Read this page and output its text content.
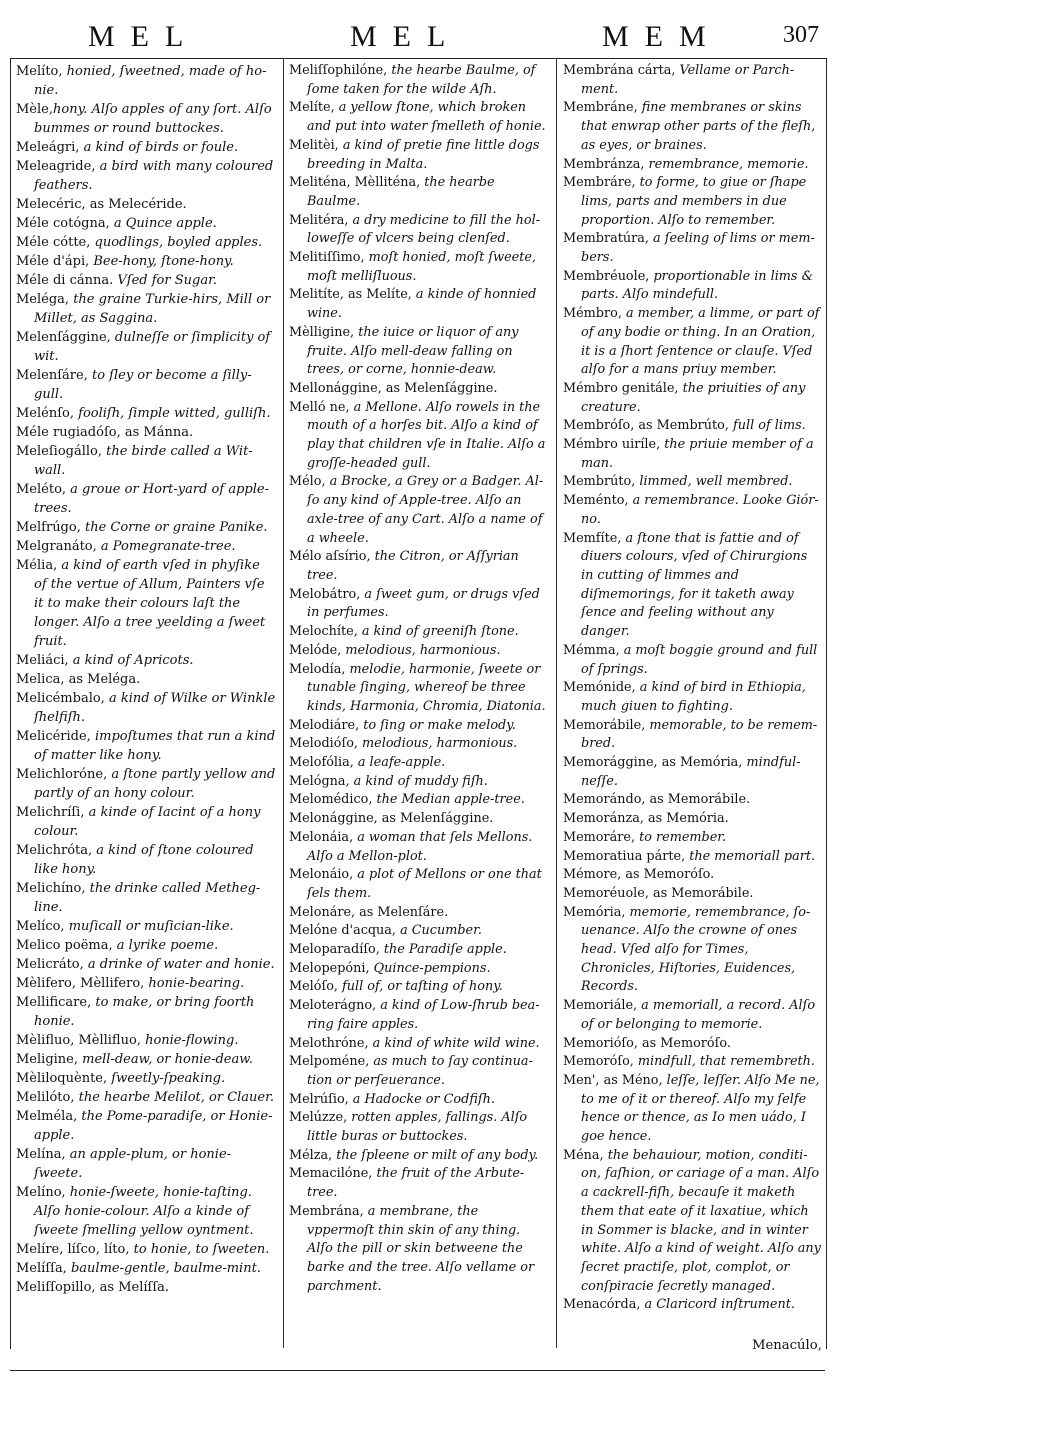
MEL	MEL	MEM	307

Melíto, honied, ſweetned, made of honie.

Mèle,hony. Alſo apples of any ſort. Alſo bummes or round buttockes.

Meleágri, a kind of birds or foule.

Meleagride, a bird with many coloured feathers.

Melecéric, as Melecéride.

Méle cotógna, a Quince apple.

Méle cótte, quodlings, boyled apples.

Méle d'ápi, Bee-hony, ſtone-hony.

Méle di cánna. Vſed for Sugar.

Meléga, the graine Turkie-hirs, Mill or Millet, as Saggina.

Melenſággine, dulneſſe or ſimplicity of wit.

Melenſáre, to ſley or become a ſilly-gull.

Melénſo, fooliſh, ſimple witted, gulliſh.

Méle rugiadóſo, as Mánna.

Meleſiogállo, the birde called a Witwall.

Meléto, a groue or Hort-yard of apple-trees.

Melfrúgo, the Corne or graine Panike.

Melgranáto, a Pomegranate-tree.

Mélia, a kind of earth vſed in phyſike of the vertue of Allum, Painters vſe it to make their colours laſt the longer. Alſo a tree yeelding a ſweet fruit.

Meliáci, a kind of Apricots.

Melica, as Meléga.

Melicémbalo, a kind of Wilke or Winkle ſhelfiſh.

Melicéride, impoſtumes that run a kind of matter like hony.

Melichloróne, a ſtone partly yellow and partly of an hony colour.

Melichríſi, a kinde of Iacint of a hony colour.

Melichróta, a kind of ſtone coloured like hony.

Melichíno, the drinke called Methegline.

Melíco, muſicall or muſician-like.

Melico poëma, a lyrike poeme.

Melicráto, a drinke of water and honie.

Mèlifero, Mèllifero, honie-bearing.

Mellificare, to make, or bring foorth honie.

Mèlifluo, Mèllifluo, honie-flowing.

Meligine, mell-deaw, or honie-deaw.

Mèliloquènte, ſweetly-ſpeaking.

Melilóto, the hearbe Melilot, or Clauer.

Melméla, the Pome-paradiſe, or Honie-apple.

Melína, an apple-plum, or honie-ſweete.

Melíno, honie-ſweete, honie-taſting. Alſo honie-colour. Alſo a kinde of ſweete ſmelling yellow oyntment.

Melíre, líſco, líto, to honie, to ſweeten.

Melíſſa, baulme-gentle, baulme-mint.

Meliſſopillo, as Melíſſa.

Meliſſophilóne, the hearbe Baulme, of ſome taken for the wilde Aſh.

Melíte, a yellow ſtone, which broken and put into water ſmelleth of honie.

Melitèi, a kind of pretie fine little dogs breeding in Malta.

Meliténa, Mèlliténa, the hearbe Baulme.

Melitéra, a dry medicine to fill the holloweſſe of vlcers being clenſed.

Melitiſſimo, moſt honied, moſt ſweete, moſt melliſluous.

Melitíte, as Melíte, a kinde of honnied wine.

Mèlligine, the iuice or liquor of any fruite. Alſo mell-deaw falling on trees, or corne, honnie-deaw.

Mellonággine, as Melenſággine.

Melló ne, a Mellone. Alſo rowels in the mouth of a horſes bit. Alſo a kind of play that children vſe in Italie. Alſo a groſſe-headed gull.

Mélo, a Brocke, a Grey or a Badger. Alſo any kind of Apple-tree. Alſo an axle-tree of any Cart. Alſo a name of a wheele.

Mélo aſsírio, the Citron, or Aſſyrian tree.

Melobátro, a ſweet gum, or drugs vſed in perfumes.

Melochíte, a kind of greeniſh ſtone.

Melóde, melodious, harmonious.

Melodía, melodie, harmonie, ſweete or tunable ſinging, whereof be three kinds, Harmonia, Chromia, Diatonia.

Melodiáre, to ſing or make melody.

Melodióſo, melodious, harmonious.

Melofólia, a leafe-apple.

Melógna, a kind of muddy fiſh.

Melomédico, the Median apple-tree.

Melonággine, as Melenſággine.

Melonáia, a woman that ſels Mellons. Alſo a Mellon-plot.

Melonáio, a plot of Mellons or one that ſels them.

Melonáre, as Melenſáre.

Melóne d'acqua, a Cucumber.

Meloparadíſo, the Paradiſe apple.

Melopepóni, Quince-pempions.

Melóſo, full of, or taſting of hony.

Meloterágno, a kind of Low-ſhrub bearing faire apples.

Melothróne, a kind of white wild wine.

Melpoméne, as much to ſay continuation or perſeuerance.

Melrúſio, a Hadocke or Codfiſh.

Melúzze, rotten apples, fallings. Alſo little buras or buttockes.

Mélza, the ſpleene or milt of any body.

Memacilóne, the fruit of the Arbute-tree.

Membrána, a membrane, the vppermoſt thin skin of any thing. Alſo the pill or skin betweene the barke and the tree. Alſo vellame or parchment.

Membrána cárta, Vellame or Parchment.

Membráne, fine membranes or skins that enwrap other parts of the fleſh, as eyes, or braines.

Membránza, remembrance, memorie.

Membráre, to forme, to giue or ſhape lims, parts and members in due proportion. Alſo to remember.

Membratúra, a ſeeling of lims or members.

Membréuole, proportionable in lims & parts. Alſo mindefull.

Mémbro, a member, a limme, or part of of any bodie or thing. In an Oration, it is a ſhort ſentence or clauſe. Vſed alſo for a mans priuy member.

Mémbro genitále, the priuities of any creature.

Membróſo, as Membrúto, full of lims.

Mémbro uiríle, the priuie member of a man.

Membrúto, limmed, well membred.

Meménto, a remembrance. Looke Giórno.

Memfíte, a ſtone that is fattie and of diuers colours, vſed of Chirurgions in cutting of limmes and diſmemorings, for it taketh away ſence and feeling without any danger.

Mémma, a moſt boggie ground and full of ſprings.

Memónide, a kind of bird in Ethiopia, much giuen to fighting.

Memorábile, memorable, to be remembred.

Memorággine, as Memória, mindfulneſſe.

Memorándo, as Memorábile.

Memoránza, as Memória.

Memoráre, to remember.

Memoratiua párte, the memoriall part.

Mémore, as Memoróſo.

Memoréuole, as Memorábile.

Memória, memorie, remembrance, ſouenance. Alſo the crowne of ones head. Vſed alſo for Times, Chronicles, Hiſtories, Euidences, Records.

Memoriále, a memoriall, a record. Alſo of or belonging to memorie.

Memorióſo, as Memoróſo.

Memoróſo, mindfull, that remembreth.

Men', as Méno, leſſe, leſſer. Alſo Me ne, to me of it or thereof. Alſo my ſelfe hence or thence, as Io men uádo, I goe hence.

Ména, the behauiour, motion, condition, faſhion, or cariage of a man. Alſo a cackrell-fiſh, becauſe it maketh them that eate of it laxatiue, which in Sommer is blacke, and in winter white. Alſo a kind of weight. Alſo any ſecret practiſe, plot, complot, or conſpiracie ſecretly managed.

Menacórda, a Claricord inſtrument.

Menacúlo,
